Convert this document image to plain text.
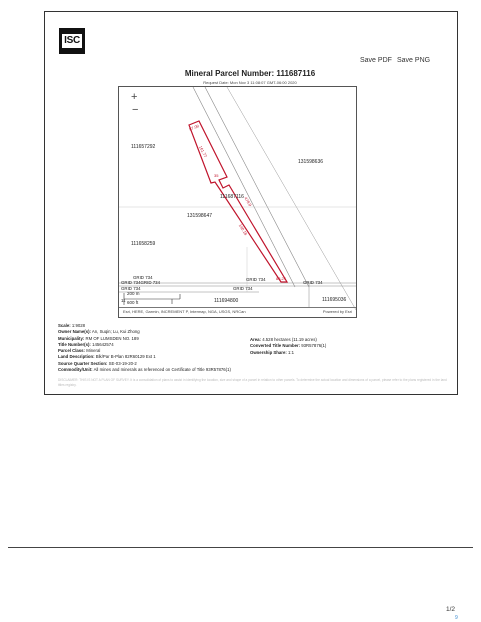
ISC
Save PDF Save PNG
Mineral Parcel Number: 111687116
Request Date: Mon Nov 3 11:08:07 GMT-06:00 2020
+
−
111657292
131598636
131598647
111658259
111687116
111694800	111695036
GRID 734
GRID 734GRID 734
GRID 734
GRID 734
GRID 734
GRID 734
11
87.09
161.77
35
478.9
140.18
88.24
200 m
600 ft
Esri, HERE, Garmin, INCREMENT P, Intermap, NGA, USGS, NRCan	Powered by Esri
Scale: 1:9028
Owner Name(s): An, Suqin; Lu, Kui Zhong
Municipality: RM OF LUMSDEN NO. 189
Title Number(s): 145642574
Parcel Class: Mineral
Land Description: Blk/Par B-Plan 82R60129 Ext 1
Source Quarter Section: SE-03-19-20-2
Commodity/Unit: All mines and minerals as referenced on Certificate of Title 93R57876(1)
Area: 4.528 hectares (11.19 acres)
Converted Title Number: 93R57876(1)
Ownership Share: 1:1
DISCLAIMER: THIS IS NOT A PLAN OF SURVEY. It is a consolidation of plans to assist in identifying the location, size and shape of a parcel in relation to other parcels. To determine the actual location and dimensions of a parcel, please refer to the plans registered in the land titles registry.
1/2
9
